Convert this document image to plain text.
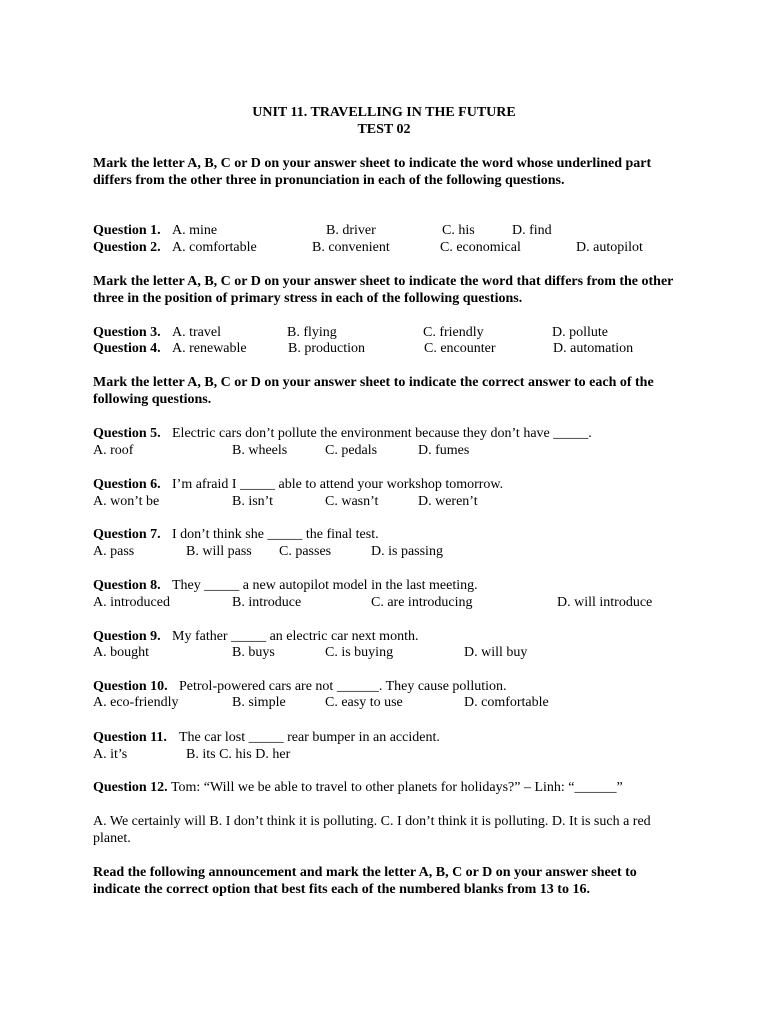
UNIT 11. TRAVELLING IN THE FUTURE
TEST 02
Mark the letter A, B, C or D on your answer sheet to indicate the word whose underlined part differs from the other three in pronunciation in each of the following questions.
Question 1. A. mine	B. driver	C. his	D. find
Question 2. A. comfortable	B. convenient	C. economical	D. autopilot
Mark the letter A, B, C or D on your answer sheet to indicate the word that differs from the other three in the position of primary stress in each of the following questions.
Question 3. A. travel	B. flying	C. friendly	D. pollute
Question 4. A. renewable	B. production	C. encounter	D. automation
Mark the letter A, B, C or D on your answer sheet to indicate the correct answer to each of the following questions.
Question 5. Electric cars don’t pollute the environment because they don’t have _____.
A. roof	B. wheels	C. pedals	D. fumes
Question 6. I’m afraid I _____ able to attend your workshop tomorrow.
A. won’t be	B. isn’t	C. wasn’t	D. weren’t
Question 7. I don’t think she _____ the final test.
A. pass	B. will pass C. passes	D. is passing
Question 8. They _____ a new autopilot model in the last meeting.
A. introduced	B. introduce	C. are introducing	D. will introduce
Question 9. My father _____ an electric car next month.
A. bought	B. buys	C. is buying	D. will buy
Question 10. Petrol-powered cars are not ______. They cause pollution.
A. eco-friendly	B. simple	C. easy to use	D. comfortable
Question 11. The car lost _____ rear bumper in an accident.
A. it’s	B. its C. his D. her
Question 12. Tom: “Will we be able to travel to other planets for holidays?” – Linh: “______”
A. We certainly will B. I don’t think it is polluting. C. I don’t think it is polluting. D. It is such a red planet.
Read the following announcement and mark the letter A, B, C or D on your answer sheet to indicate the correct option that best fits each of the numbered blanks from 13 to 16.
